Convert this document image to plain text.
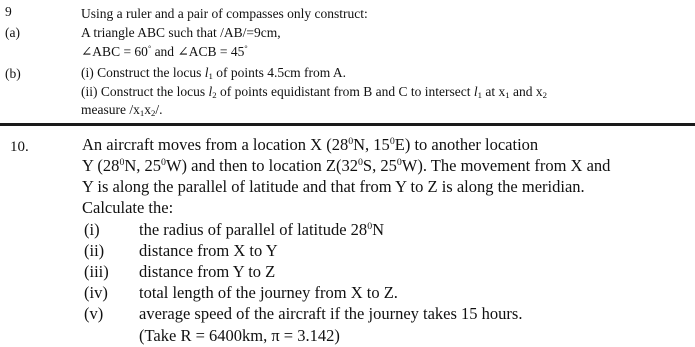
9
(a)
(b)
Using a ruler and a pair of compasses only construct:
A triangle ABC such that /AB/=9cm,
∠ABC = 60° and ∠ACB = 45°
(i) Construct the locus $l_1$ of points 4.5cm from A.
(ii) Construct the locus $l_2$ of points equidistant from B and C to intersect $l_1$ at $x_1$ and $x_2$
measure $/x_1x_2/$.
10.	An aircraft moves from a location X ($28^0N$, $15^0E$) to another location
Y ($28^0N$, $25^0W$) and then to location $Z(32^0S$, $25^0W$). The movement from X and
Y is along the parallel of latitude and that from Y to Z is along the meridian.
Calculate the:
(i) the radius of parallel of latitude $28^0N$
(ii) distance from X to Y
(iii) distance from Y to Z
(iv) total length of the journey from X to Z.
(v) average speed of the aircraft if the journey takes 15 hours.
(Take R = 6400km, π = 3.142)
